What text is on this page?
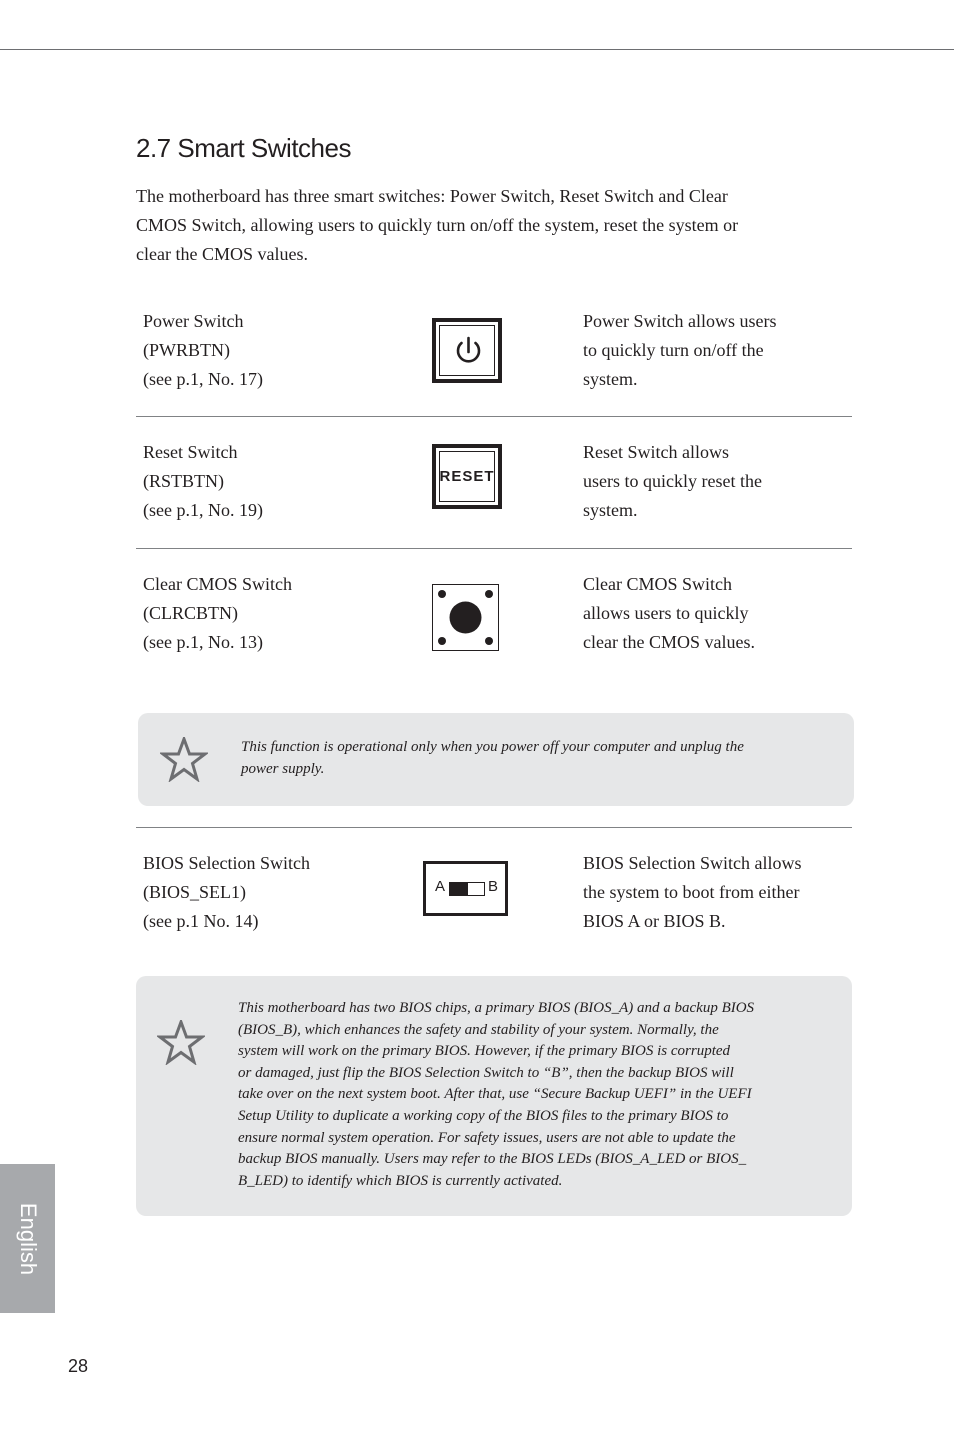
2.7 Smart Switches

The motherboard has three smart switches: Power Switch, Reset Switch and Clear
CMOS Switch, allowing users to quickly turn on/off the system, reset the system or
clear the CMOS values.

Power Switch
(PWRBTN)
(see p.1, No. 17)
Power Switch allows users
to quickly turn on/off the
system.
Reset Switch
(RSTBTN)
(see p.1, No. 19)
RESET
Reset Switch allows
users to quickly reset the
system.
Clear CMOS Switch
(CLRCBTN)
(see p.1, No. 13)
Clear CMOS Switch
allows users to quickly
clear the CMOS values.
This function is operational only when you power off your computer and unplug the
power supply.
BIOS Selection Switch
(BIOS_SEL1)
(see p.1 No. 14)
A	B
BIOS Selection Switch allows
the system to boot from either
BIOS A or BIOS B.
This motherboard has two BIOS chips, a primary BIOS (BIOS_A) and a backup BIOS
(BIOS_B), which enhances the safety and stability of your system. Normally, the
system will work on the primary BIOS. However, if the primary BIOS is corrupted
or damaged, just flip the BIOS Selection Switch to “B”, then the backup BIOS will
take over on the next system boot. After that, use “Secure Backup UEFI” in the UEFI
Setup Utility to duplicate a working copy of the BIOS files to the primary BIOS to
ensure normal system operation. For safety issues, users are not able to update the
backup BIOS manually. Users may refer to the BIOS LEDs (BIOS_A_LED or BIOS_
B_LED) to identify which BIOS is currently activated.
English
28
